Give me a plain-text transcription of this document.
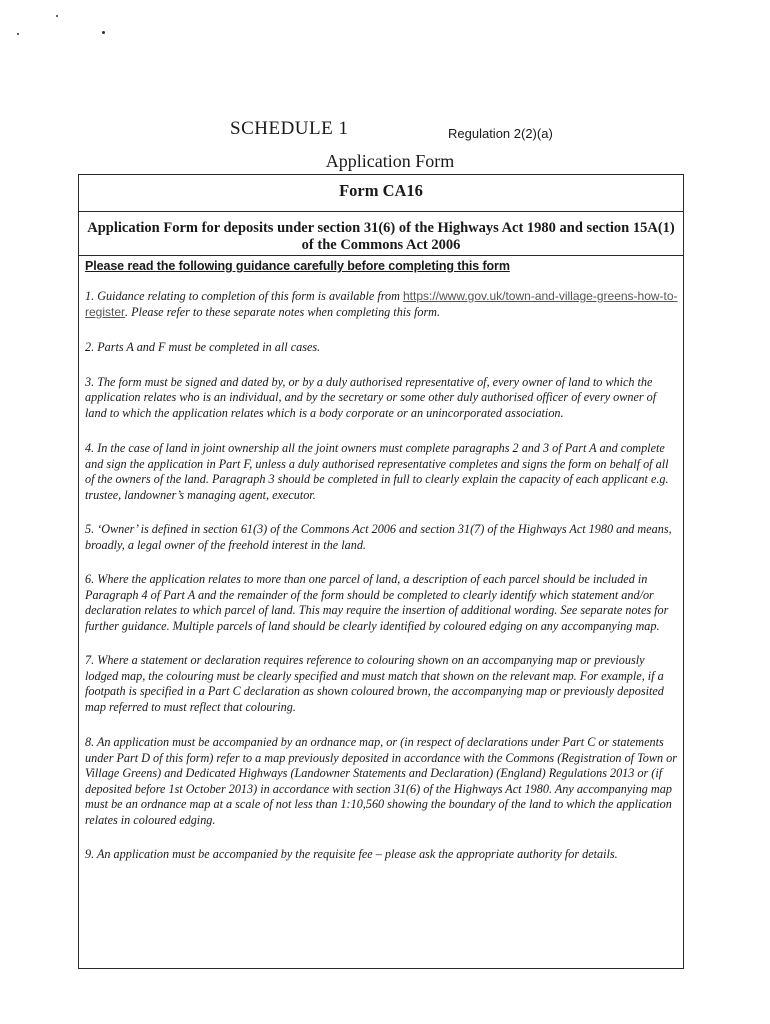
SCHEDULE 1	Regulation 2(2)(a)
Application Form
Form CA16
Application Form for deposits under section 31(6) of the Highways Act 1980 and section 15A(1) of the Commons Act 2006
Please read the following guidance carefully before completing this form

1. Guidance relating to completion of this form is available from https://www.gov.uk/town-and-village-greens-how-to-register. Please refer to these separate notes when completing this form.

2. Parts A and F must be completed in all cases.

3. The form must be signed and dated by, or by a duly authorised representative of, every owner of land to which the application relates who is an individual, and by the secretary or some other duly authorised officer of every owner of land to which the application relates which is a body corporate or an unincorporated association.

4. In the case of land in joint ownership all the joint owners must complete paragraphs 2 and 3 of Part A and complete and sign the application in Part F, unless a duly authorised representative completes and signs the form on behalf of all of the owners of the land. Paragraph 3 should be completed in full to clearly explain the capacity of each applicant e.g. trustee, landowner’s managing agent, executor.

5. ‘Owner’ is defined in section 61(3) of the Commons Act 2006 and section 31(7) of the Highways Act 1980 and means, broadly, a legal owner of the freehold interest in the land.

6. Where the application relates to more than one parcel of land, a description of each parcel should be included in Paragraph 4 of Part A and the remainder of the form should be completed to clearly identify which statement and/or declaration relates to which parcel of land. This may require the insertion of additional wording. See separate notes for further guidance. Multiple parcels of land should be clearly identified by coloured edging on any accompanying map.

7. Where a statement or declaration requires reference to colouring shown on an accompanying map or previously lodged map, the colouring must be clearly specified and must match that shown on the relevant map. For example, if a footpath is specified in a Part C declaration as shown coloured brown, the accompanying map or previously deposited map referred to must reflect that colouring.

8. An application must be accompanied by an ordnance map, or (in respect of declarations under Part C or statements under Part D of this form) refer to a map previously deposited in accordance with the Commons (Registration of Town or Village Greens) and Dedicated Highways (Landowner Statements and Declaration) (England) Regulations 2013 or (if deposited before 1st October 2013) in accordance with section 31(6) of the Highways Act 1980. Any accompanying map must be an ordnance map at a scale of not less than 1:10,560 showing the boundary of the land to which the application relates in coloured edging.

9. An application must be accompanied by the requisite fee – please ask the appropriate authority for details.
